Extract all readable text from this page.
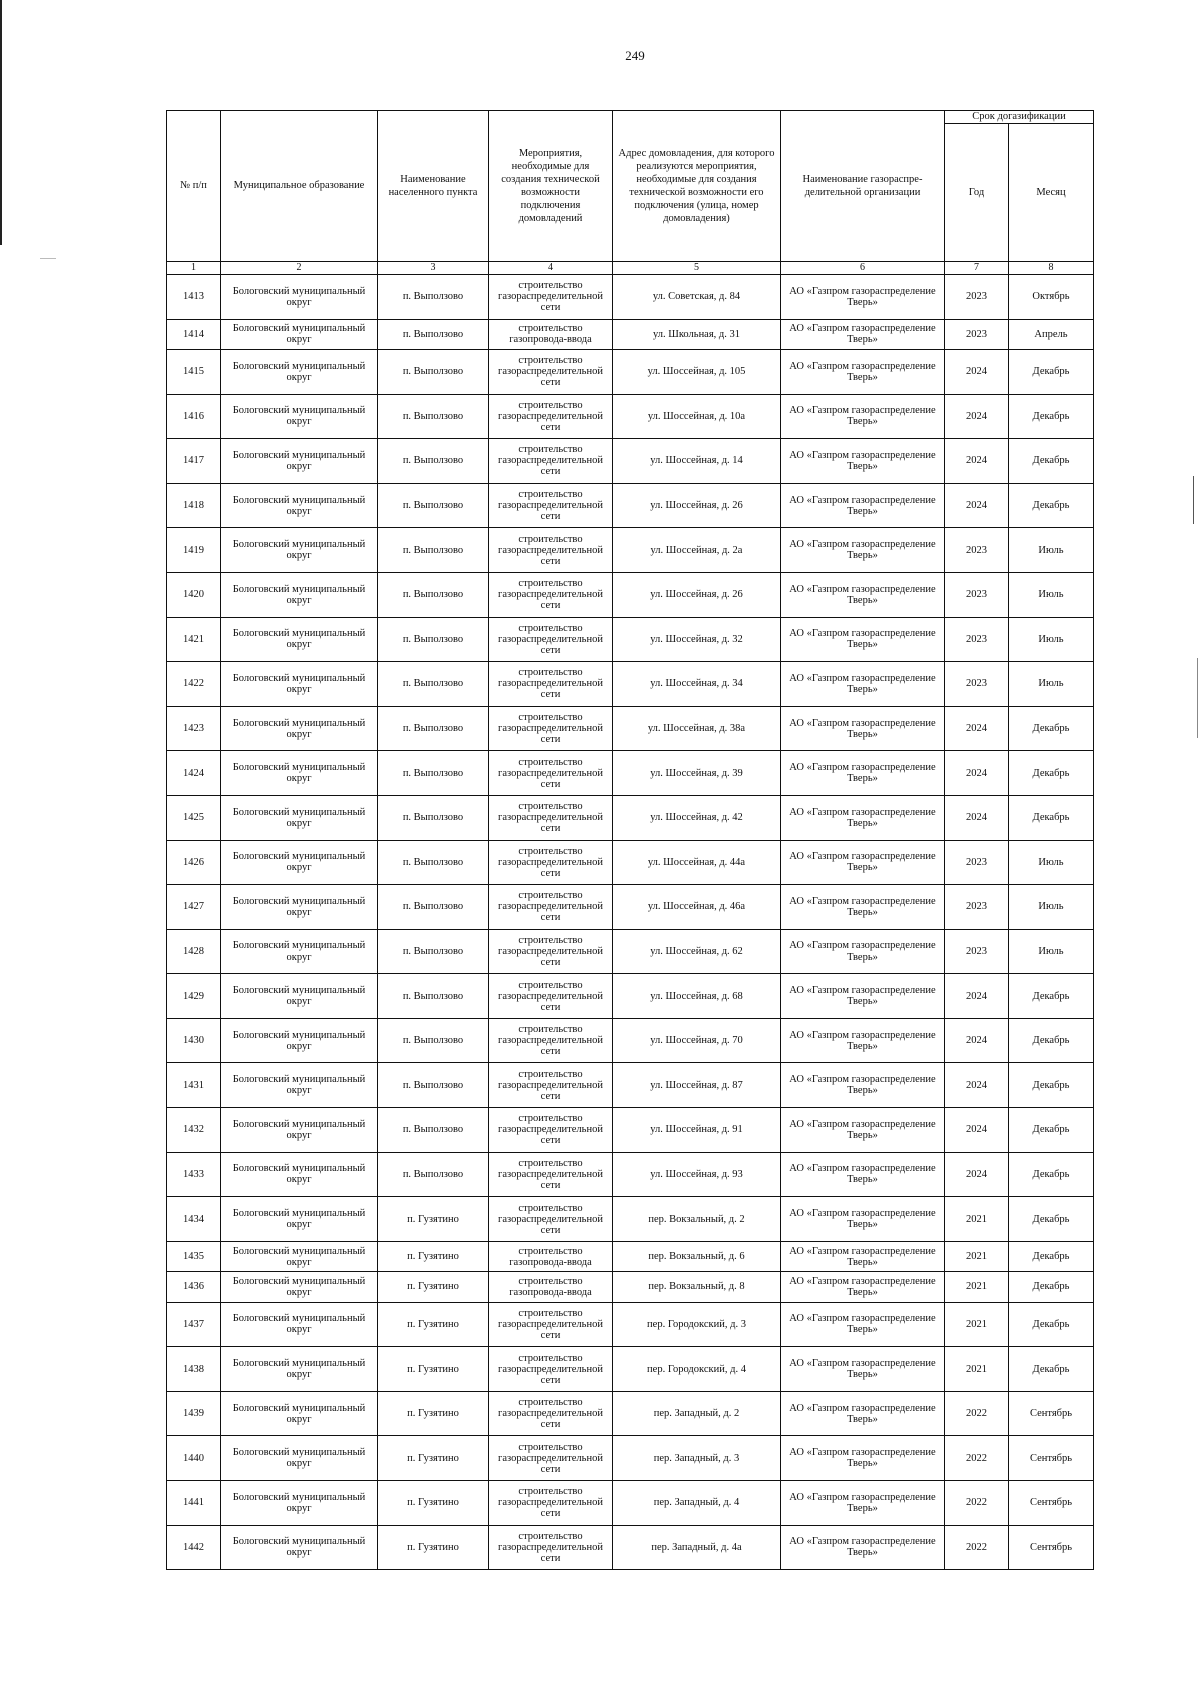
249
№ п/п	Муниципальное образование	Наименование населенного пункта	Мероприятия, необходимые для создания технической возможности подключения домовладений	Адрес домовладения, для которого реализуются мероприятия, необходимые для создания технической возможности его подключения (улица, номер домовладения)	Наименование газораспре-делительной организации	Срок догазификации	
						Год	Месяц
1	2	3	4	5	6	7	8
1413	Бологовский муниципальный округ	п. Выползово	строительство газораспределительной сети	ул. Советская, д. 84	АО «Газпром газораспределение Тверь»	2023	Октябрь
1414	Бологовский муниципальный округ	п. Выползово	строительство газопровода-ввода	ул. Школьная, д. 31	АО «Газпром газораспределение Тверь»	2023	Апрель
1415	Бологовский муниципальный округ	п. Выползово	строительство газораспределительной сети	ул. Шоссейная, д. 105	АО «Газпром газораспределение Тверь»	2024	Декабрь
1416	Бологовский муниципальный округ	п. Выползово	строительство газораспределительной сети	ул. Шоссейная, д. 10а	АО «Газпром газораспределение Тверь»	2024	Декабрь
1417	Бологовский муниципальный округ	п. Выползово	строительство газораспределительной сети	ул. Шоссейная, д. 14	АО «Газпром газораспределение Тверь»	2024	Декабрь
1418	Бологовский муниципальный округ	п. Выползово	строительство газораспределительной сети	ул. Шоссейная, д. 26	АО «Газпром газораспределение Тверь»	2024	Декабрь
1419	Бологовский муниципальный округ	п. Выползово	строительство газораспределительной сети	ул. Шоссейная, д. 2а	АО «Газпром газораспределение Тверь»	2023	Июль
1420	Бологовский муниципальный округ	п. Выползово	строительство газораспределительной сети	ул. Шоссейная, д. 26	АО «Газпром газораспределение Тверь»	2023	Июль
1421	Бологовский муниципальный округ	п. Выползово	строительство газораспределительной сети	ул. Шоссейная, д. 32	АО «Газпром газораспределение Тверь»	2023	Июль
1422	Бологовский муниципальный округ	п. Выползово	строительство газораспределительной сети	ул. Шоссейная, д. 34	АО «Газпром газораспределение Тверь»	2023	Июль
1423	Бологовский муниципальный округ	п. Выползово	строительство газораспределительной сети	ул. Шоссейная, д. 38а	АО «Газпром газораспределение Тверь»	2024	Декабрь
1424	Бологовский муниципальный округ	п. Выползово	строительство газораспределительной сети	ул. Шоссейная, д. 39	АО «Газпром газораспределение Тверь»	2024	Декабрь
1425	Бологовский муниципальный округ	п. Выползово	строительство газораспределительной сети	ул. Шоссейная, д. 42	АО «Газпром газораспределение Тверь»	2024	Декабрь
1426	Бологовский муниципальный округ	п. Выползово	строительство газораспределительной сети	ул. Шоссейная, д. 44а	АО «Газпром газораспределение Тверь»	2023	Июль
1427	Бологовский муниципальный округ	п. Выползово	строительство газораспределительной сети	ул. Шоссейная, д. 46а	АО «Газпром газораспределение Тверь»	2023	Июль
1428	Бологовский муниципальный округ	п. Выползово	строительство газораспределительной сети	ул. Шоссейная, д. 62	АО «Газпром газораспределение Тверь»	2023	Июль
1429	Бологовский муниципальный округ	п. Выползово	строительство газораспределительной сети	ул. Шоссейная, д. 68	АО «Газпром газораспределение Тверь»	2024	Декабрь
1430	Бологовский муниципальный округ	п. Выползово	строительство газораспределительной сети	ул. Шоссейная, д. 70	АО «Газпром газораспределение Тверь»	2024	Декабрь
1431	Бологовский муниципальный округ	п. Выползово	строительство газораспределительной сети	ул. Шоссейная, д. 87	АО «Газпром газораспределение Тверь»	2024	Декабрь
1432	Бологовский муниципальный округ	п. Выползово	строительство газораспределительной сети	ул. Шоссейная, д. 91	АО «Газпром газораспределение Тверь»	2024	Декабрь
1433	Бологовский муниципальный округ	п. Выползово	строительство газораспределительной сети	ул. Шоссейная, д. 93	АО «Газпром газораспределение Тверь»	2024	Декабрь
1434	Бологовский муниципальный округ	п. Гузятино	строительство газораспределительной сети	пер. Вокзальный, д. 2	АО «Газпром газораспределение Тверь»	2021	Декабрь
1435	Бологовский муниципальный округ	п. Гузятино	строительство газопровода-ввода	пер. Вокзальный, д. 6	АО «Газпром газораспределение Тверь»	2021	Декабрь
1436	Бологовский муниципальный округ	п. Гузятино	строительство газопровода-ввода	пер. Вокзальный, д. 8	АО «Газпром газораспределение Тверь»	2021	Декабрь
1437	Бологовский муниципальный округ	п. Гузятино	строительство газораспределительной сети	пер. Городокский, д. 3	АО «Газпром газораспределение Тверь»	2021	Декабрь
1438	Бологовский муниципальный округ	п. Гузятино	строительство газораспределительной сети	пер. Городокский, д. 4	АО «Газпром газораспределение Тверь»	2021	Декабрь
1439	Бологовский муниципальный округ	п. Гузятино	строительство газораспределительной сети	пер. Западный, д. 2	АО «Газпром газораспределение Тверь»	2022	Сентябрь
1440	Бологовский муниципальный округ	п. Гузятино	строительство газораспределительной сети	пер. Западный, д. 3	АО «Газпром газораспределение Тверь»	2022	Сентябрь
1441	Бологовский муниципальный округ	п. Гузятино	строительство газораспределительной сети	пер. Западный, д. 4	АО «Газпром газораспределение Тверь»	2022	Сентябрь
1442	Бологовский муниципальный округ	п. Гузятино	строительство газораспределительной сети	пер. Западный, д. 4а	АО «Газпром газораспределение Тверь»	2022	Сентябрь
